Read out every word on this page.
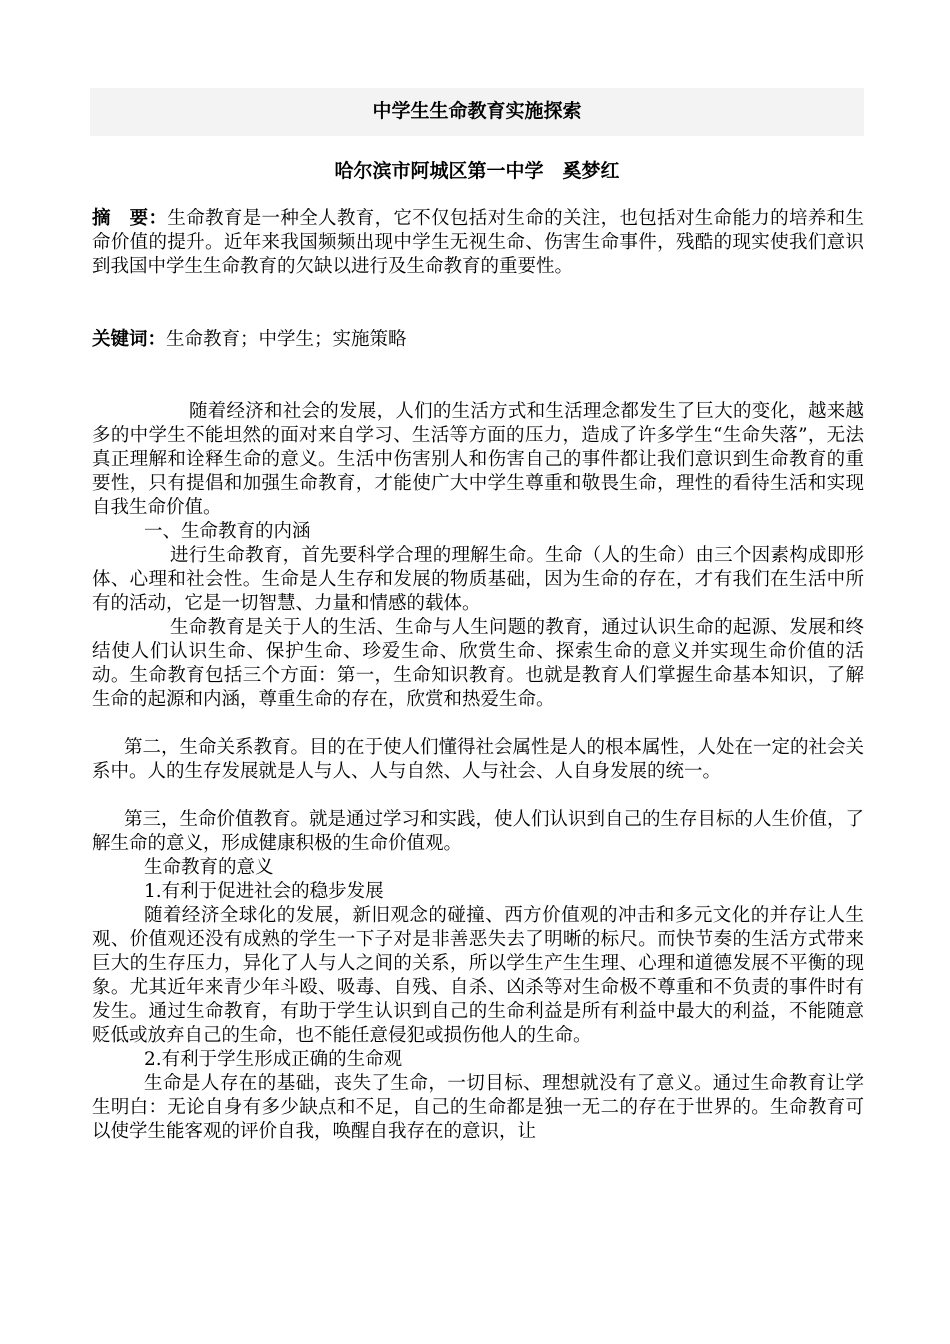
中学生生命教育实施探索
哈尔滨市阿城区第一中学　奚梦红
摘　要：生命教育是一种全人教育，它不仅包括对生命的关注，也包括对生命能力的培养和生命价值的提升。近年来我国频频出现中学生无视生命、伤害生命事件，残酷的现实使我们意识到我国中学生生命教育的欠缺以进行及生命教育的重要性。
关键词：生命教育；中学生；实施策略

随着经济和社会的发展，人们的生活方式和生活理念都发生了巨大的变化，越来越多的中学生不能坦然的面对来自学习、生活等方面的压力，造成了许多学生“生命失落”，无法真正理解和诠释生命的意义。生活中伤害别人和伤害自己的事件都让我们意识到生命教育的重要性，只有提倡和加强生命教育，才能使广大中学生尊重和敬畏生命，理性的看待生活和实现自我生命价值。

一、生命教育的内涵

进行生命教育，首先要科学合理的理解生命。生命（人的生命）由三个因素构成即形体、心理和社会性。生命是人生存和发展的物质基础，因为生命的存在，才有我们在生活中所有的活动，它是一切智慧、力量和情感的载体。

生命教育是关于人的生活、生命与人生问题的教育，通过认识生命的起源、发展和终结使人们认识生命、保护生命、珍爱生命、欣赏生命、探索生命的意义并实现生命价值的活动。生命教育包括三个方面：第一，生命知识教育。也就是教育人们掌握生命基本知识，了解生命的起源和内涵，尊重生命的存在，欣赏和热爱生命。

第二，生命关系教育。目的在于使人们懂得社会属性是人的根本属性，人处在一定的社会关系中。人的生存发展就是人与人、人与自然、人与社会、人自身发展的统一。

第三，生命价值教育。就是通过学习和实践，使人们认识到自己的生存目标的人生价值，了解生命的意义，形成健康积极的生命价值观。

生命教育的意义

1.有利于促进社会的稳步发展

随着经济全球化的发展，新旧观念的碰撞、西方价值观的冲击和多元文化的并存让人生观、价值观还没有成熟的学生一下子对是非善恶失去了明晰的标尺。而快节奏的生活方式带来巨大的生存压力，异化了人与人之间的关系，所以学生产生生理、心理和道德发展不平衡的现象。尤其近年来青少年斗殴、吸毒、自残、自杀、凶杀等对生命极不尊重和不负责的事件时有发生。通过生命教育，有助于学生认识到自己的生命利益是所有利益中最大的利益，不能随意贬低或放弃自己的生命，也不能任意侵犯或损伤他人的生命。

2.有利于学生形成正确的生命观

生命是人存在的基础，丧失了生命，一切目标、理想就没有了意义。通过生命教育让学生明白：无论自身有多少缺点和不足，自己的生命都是独一无二的存在于世界的。生命教育可以使学生能客观的评价自我，唤醒自我存在的意识，让
